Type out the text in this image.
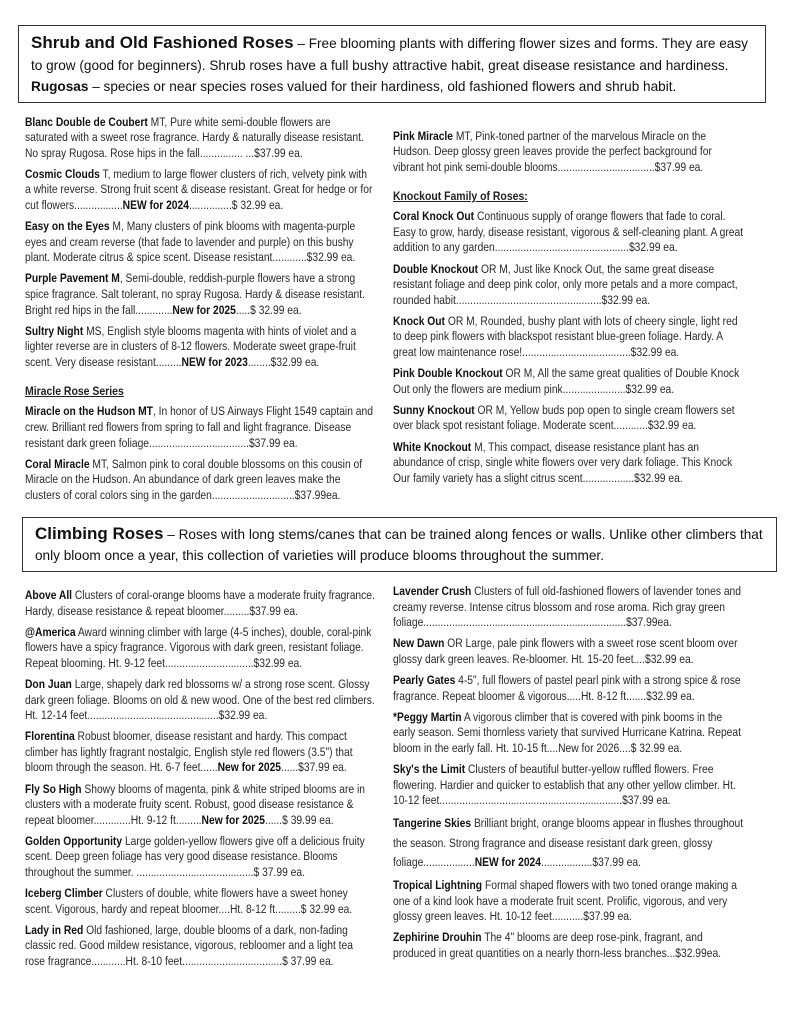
Shrub and Old Fashioned Roses – Free blooming plants with differing flower sizes and forms. They are easy to grow (good for beginners). Shrub roses have a full bushy attractive habit, great disease resistance and hardiness.
Rugosas – species or near species roses valued for their hardiness, old fashioned flowers and shrub habit.
Blanc Double de Coubert MT, Pure white semi-double flowers are saturated with a sweet rose fragrance. Hardy & naturally disease resistant. No spray Rugosa. Rose hips in the fall............... ...$37.99 ea.
Cosmic Clouds T, medium to large flower clusters of rich, velvety pink with a white reverse. Strong fruit scent & disease resistant. Great for hedge or for cut flowers.................NEW for 2024...............$ 32.99 ea.
Easy on the Eyes M, Many clusters of pink blooms with magenta-purple eyes and cream reverse (that fade to lavender and purple) on this bushy plant. Moderate citrus & spice scent. Disease resistant............$32.99 ea.
Purple Pavement M, Semi-double, reddish-purple flowers have a strong spice fragrance. Salt tolerant, no spray Rugosa. Hardy & disease resistant. Bright red hips in the fall.............New for 2025.....$ 32.99 ea.
Sultry Night MS, English style blooms magenta with hints of violet and a lighter reverse are in clusters of 8-12 flowers. Moderate sweet grape-fruit scent. Very disease resistant.........NEW for 2023........$32.99 ea.
Miracle Rose Series
Miracle on the Hudson MT, In honor of US Airways Flight 1549 captain and crew. Brilliant red flowers from spring to fall and light fragrance. Disease resistant dark green foliage...................................$37.99 ea.
Coral Miracle MT, Salmon pink to coral double blossoms on this cousin of Miracle on the Hudson. An abundance of dark green leaves make the clusters of coral colors sing in the garden.............................$37.99ea.
Pink Miracle MT, Pink-toned partner of the marvelous Miracle on the Hudson. Deep glossy green leaves provide the perfect background for vibrant hot pink semi-double blooms..................................$37.99 ea.
Knockout Family of Roses:
Coral Knock Out Continuous supply of orange flowers that fade to coral. Easy to grow, hardy, disease resistant, vigorous & self-cleaning plant. A great addition to any garden...............................................$32.99 ea.
Double Knockout OR M, Just like Knock Out, the same great disease resistant foliage and deep pink color, only more petals and a more compact, rounded habit...................................................$32.99 ea.
Knock Out OR M, Rounded, bushy plant with lots of cheery single, light red to deep pink flowers with blackspot resistant blue-green foliage. Hardy. A great low maintenance rose!......................................$32.99 ea.
Pink Double Knockout OR M, All the same great qualities of Double Knock Out only the flowers are medium pink......................$32.99 ea.
Sunny Knockout OR M, Yellow buds pop open to single cream flowers set over black spot resistant foliage. Moderate scent............$32.99 ea.
White Knockout M, This compact, disease resistance plant has an abundance of crisp, single white flowers over very dark foliage. This Knock Our family variety has a slight citrus scent..................$32.99 ea.
Climbing Roses – Roses with long stems/canes that can be trained along fences or walls. Unlike other climbers that only bloom once a year, this collection of varieties will produce blooms throughout the summer.
Above All Clusters of coral-orange blooms have a moderate fruity fragrance. Hardy, disease resistance & repeat bloomer.........$37.99 ea.
@America Award winning climber with large (4-5 inches), double, coral-pink flowers have a spicy fragrance. Vigorous with dark green, resistant foliage. Repeat blooming. Ht. 9-12 feet...............................$32.99 ea.
Don Juan Large, shapely dark red blossoms w/ a strong rose scent. Glossy dark green foliage. Blooms on old & new wood. One of the best red climbers. Ht. 12-14 feet..............................................$32.99 ea.
Florentina Robust bloomer, disease resistant and hardy. This compact climber has lightly fragrant nostalgic, English style red flowers (3.5") that bloom through the season. Ht. 6-7 feet......New for 2025......$37.99 ea.
Fly So High Showy blooms of magenta, pink & white striped blooms are in clusters with a moderate fruity scent. Robust, good disease resistance & repeat bloomer.............Ht. 9-12 ft.........New for 2025......$ 39.99 ea.
Golden Opportunity Large golden-yellow flowers give off a delicious fruity scent. Deep green foliage has very good disease resistance. Blooms throughout the summer. .........................................$ 37.99 ea.
Iceberg Climber Clusters of double, white flowers have a sweet honey scent. Vigorous, hardy and repeat bloomer....Ht. 8-12 ft.........$ 32.99 ea.
Lady in Red Old fashioned, large, double blooms of a dark, non-fading classic red. Good mildew resistance, vigorous, rebloomer and a light tea rose fragrance............Ht. 8-10 feet...................................$ 37.99 ea.
Lavender Crush Clusters of full old-fashioned flowers of lavender tones and creamy reverse. Intense citrus blossom and rose aroma. Rich gray green foliage.......................................................................$37.99ea.
New Dawn OR Large, pale pink flowers with a sweet rose scent bloom over glossy dark green leaves. Re-bloomer. Ht. 15-20 feet....$32.99 ea.
Pearly Gates 4-5", full flowers of pastel pearl pink with a strong spice & rose fragrance. Repeat bloomer & vigorous.....Ht. 8-12 ft.......$32.99 ea.
*Peggy Martin A vigorous climber that is covered with pink booms in the early season. Semi thornless variety that survived Hurricane Katrina. Repeat bloom in the early fall. Ht. 10-15 ft....New for 2026....$ 32.99 ea.
Sky's the Limit Clusters of beautiful butter-yellow ruffled flowers. Free flowering. Hardier and quicker to establish that any other yellow climber. Ht. 10-12 feet................................................................$37.99 ea.
Tangerine Skies Brilliant bright, orange blooms appear in flushes throughout the season. Strong fragrance and disease resistant dark green, glossy foliage..................NEW for 2024..................$37.99 ea.
Tropical Lightning Formal shaped flowers with two toned orange making a one of a kind look have a moderate fruit scent. Prolific, vigorous, and very glossy green leaves. Ht. 10-12 feet...........$37.99 ea.
Zephirine Drouhin The 4" blooms are deep rose-pink, fragrant, and produced in great quantities on a nearly thorn-less branches...$32.99ea.
